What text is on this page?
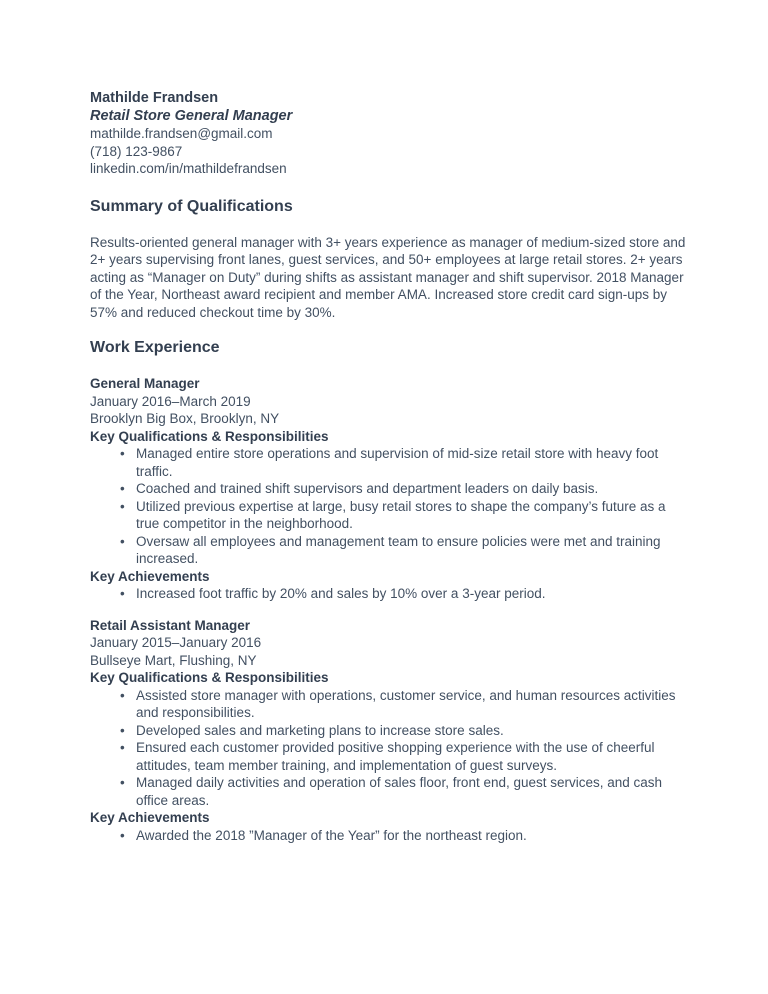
Mathilde Frandsen
Retail Store General Manager
mathilde.frandsen@gmail.com
(718) 123-9867
linkedin.com/in/mathildefrandsen
Summary of Qualifications

Results-oriented general manager with 3+ years experience as manager of medium-sized store and 2+ years supervising front lanes, guest services, and 50+ employees at large retail stores. 2+ years acting as “Manager on Duty” during shifts as assistant manager and shift supervisor. 2018 Manager of the Year, Northeast award recipient and member AMA. Increased store credit card sign-ups by 57% and reduced checkout time by 30%.

Work Experience
General Manager
January 2016–March 2019
Brooklyn Big Box, Brooklyn, NY
Key Qualifications & Responsibilities
• Managed entire store operations and supervision of mid-size retail store with heavy foot traffic.
• Coached and trained shift supervisors and department leaders on daily basis.
• Utilized previous expertise at large, busy retail stores to shape the company’s future as a true competitor in the neighborhood.
• Oversaw all employees and management team to ensure policies were met and training increased.
Key Achievements
• Increased foot traffic by 20% and sales by 10% over a 3-year period.
Retail Assistant Manager
January 2015–January 2016
Bullseye Mart, Flushing, NY
Key Qualifications & Responsibilities
• Assisted store manager with operations, customer service, and human resources activities and responsibilities.
• Developed sales and marketing plans to increase store sales.
• Ensured each customer provided positive shopping experience with the use of cheerful attitudes, team member training, and implementation of guest surveys.
• Managed daily activities and operation of sales floor, front end, guest services, and cash office areas.
Key Achievements
• Awarded the 2018 ”Manager of the Year” for the northeast region.
